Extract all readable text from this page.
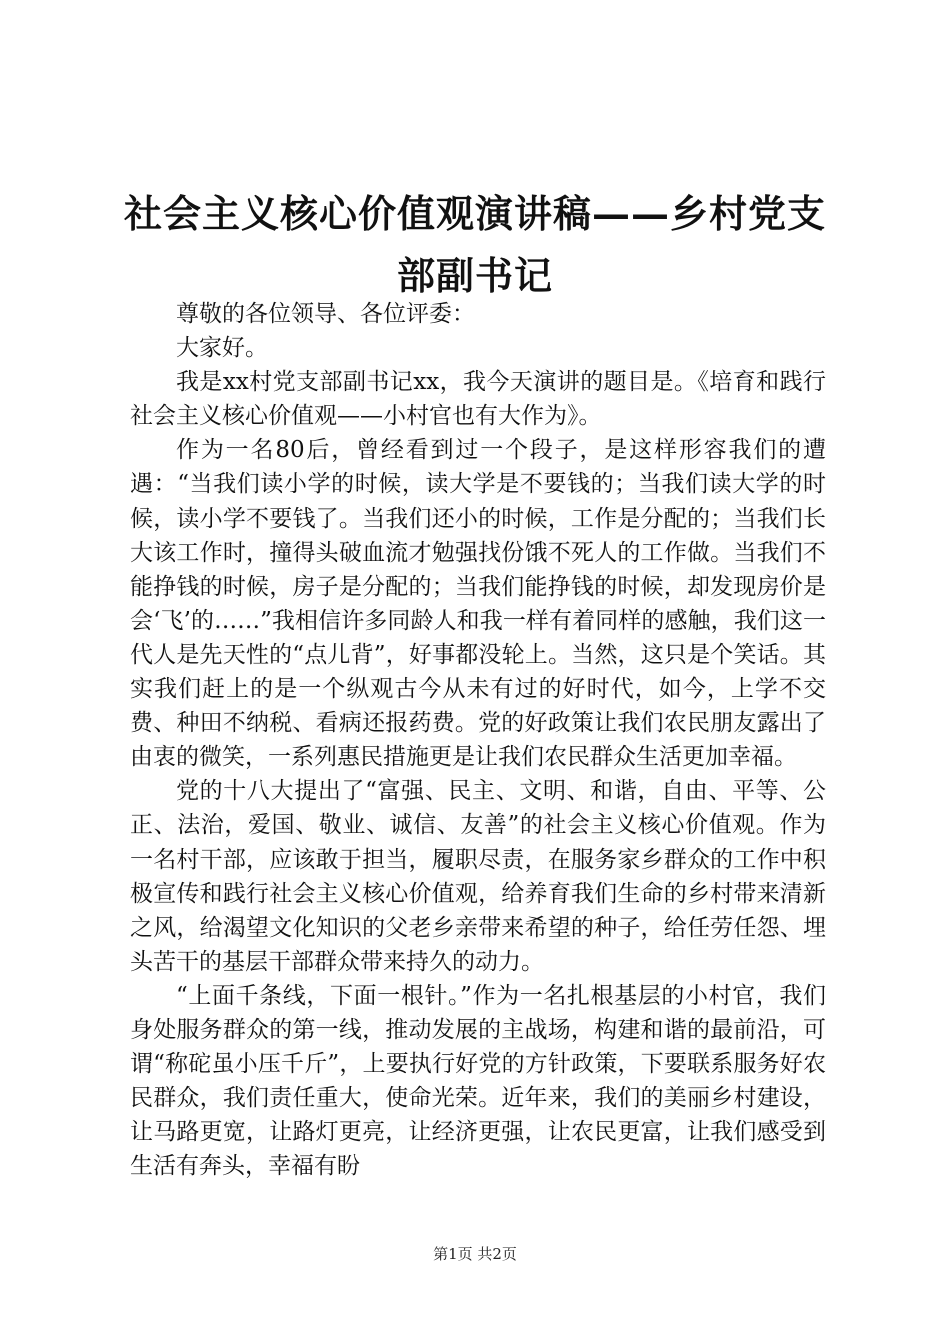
社会主义核心价值观演讲稿——乡村党支部副书记

尊敬的各位领导、各位评委：

大家好。

我是xx村党支部副书记xx，我今天演讲的题目是。《培育和践行社会主义核心价值观——小村官也有大作为》。

作为一名80后，曾经看到过一个段子，是这样形容我们的遭遇：“当我们读小学的时候，读大学是不要钱的；当我们读大学的时候，读小学不要钱了。当我们还小的时候，工作是分配的；当我们长大该工作时，撞得头破血流才勉强找份饿不死人的工作做。当我们不能挣钱的时候，房子是分配的；当我们能挣钱的时候，却发现房价是会‘飞’的……”我相信许多同龄人和我一样有着同样的感触，我们这一代人是先天性的“点儿背”，好事都没轮上。当然，这只是个笑话。其实我们赶上的是一个纵观古今从未有过的好时代，如今，上学不交费、种田不纳税、看病还报药费。党的好政策让我们农民朋友露出了由衷的微笑，一系列惠民措施更是让我们农民群众生活更加幸福。

党的十八大提出了“富强、民主、文明、和谐，自由、平等、公正、法治，爱国、敬业、诚信、友善”的社会主义核心价值观。作为一名村干部，应该敢于担当，履职尽责，在服务家乡群众的工作中积极宣传和践行社会主义核心价值观，给养育我们生命的乡村带来清新之风，给渴望文化知识的父老乡亲带来希望的种子，给任劳任怨、埋头苦干的基层干部群众带来持久的动力。

“上面千条线，下面一根针。”作为一名扎根基层的小村官，我们身处服务群众的第一线，推动发展的主战场，构建和谐的最前沿，可谓“称砣虽小压千斤”，上要执行好党的方针政策，下要联系服务好农民群众，我们责任重大，使命光荣。近年来，我们的美丽乡村建设，让马路更宽，让路灯更亮，让经济更强，让农民更富，让我们感受到生活有奔头，幸福有盼

第1页 共2页
